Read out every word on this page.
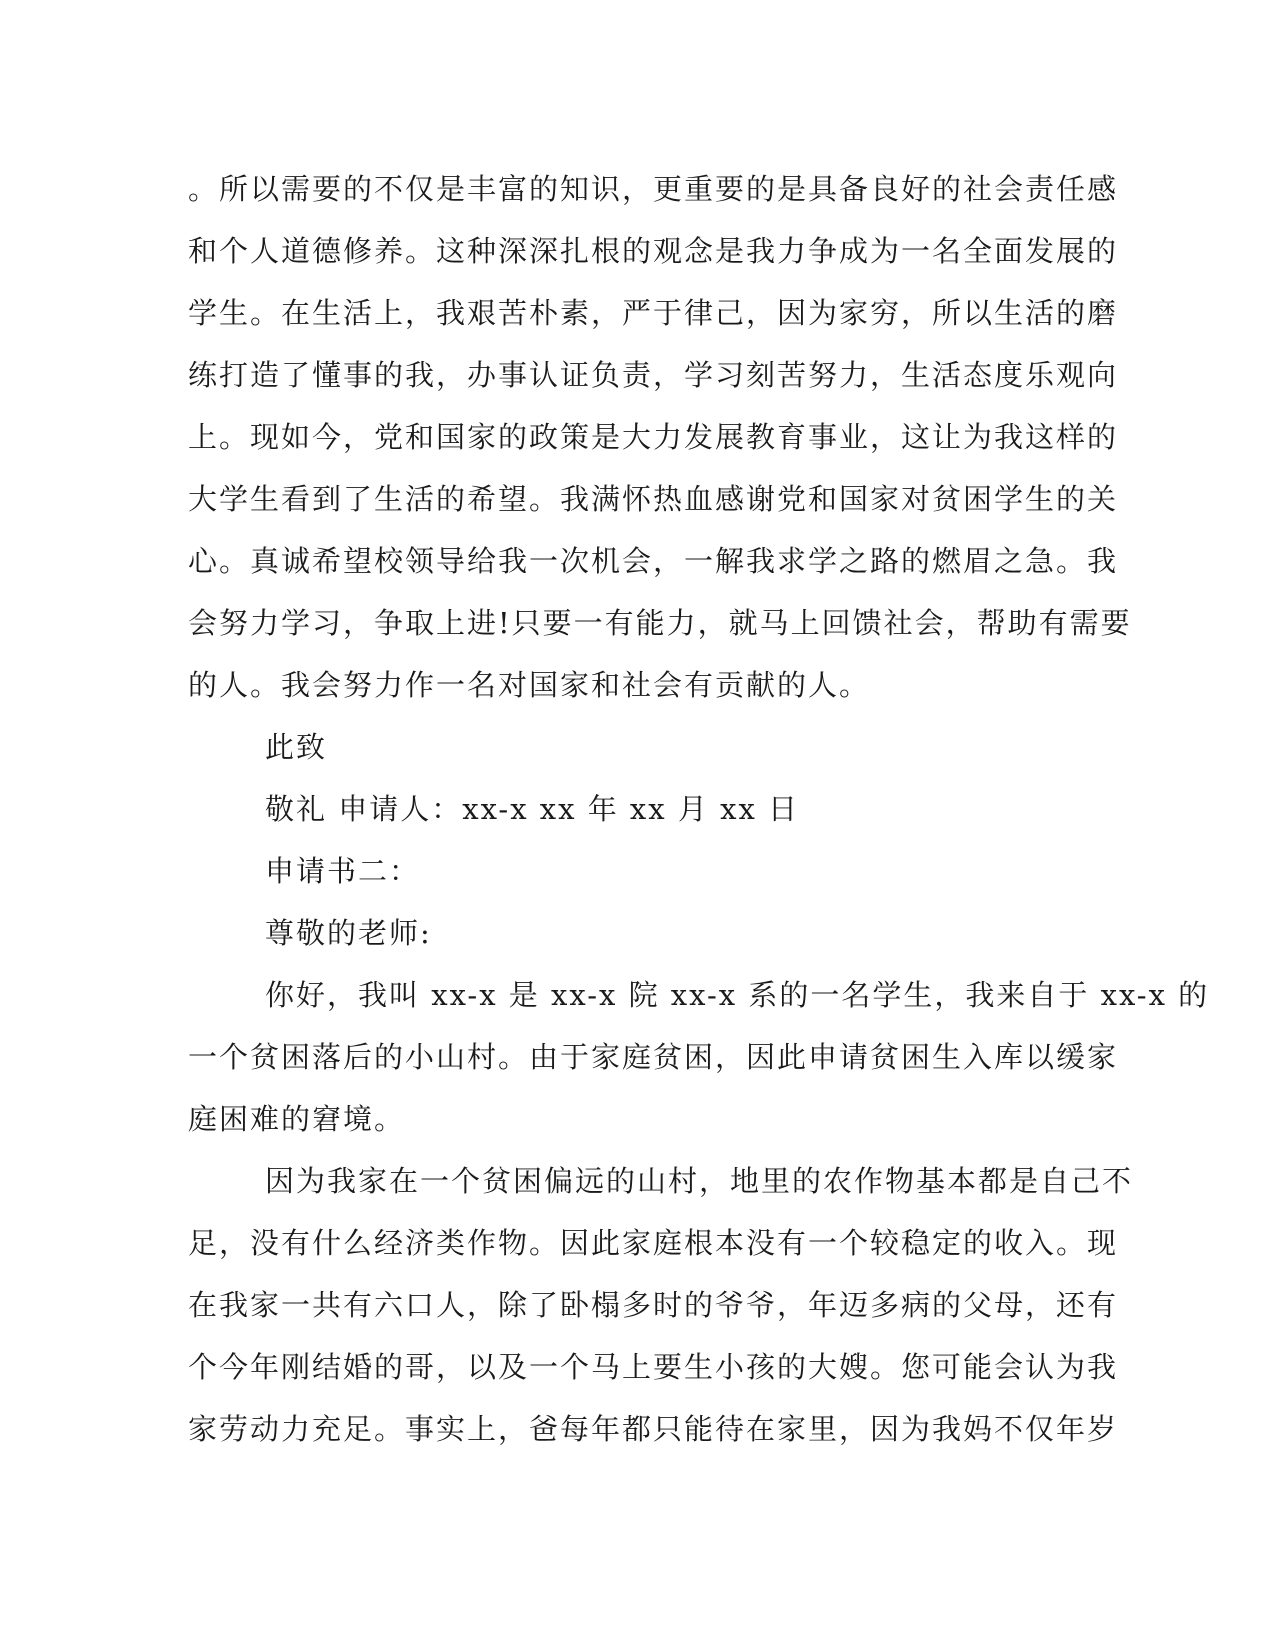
。所以需要的不仅是丰富的知识，更重要的是具备良好的社会责任感
和个人道德修养。这种深深扎根的观念是我力争成为一名全面发展的
学生。在生活上，我艰苦朴素，严于律己，因为家穷，所以生活的磨
练打造了懂事的我，办事认证负责，学习刻苦努力，生活态度乐观向
上。现如今，党和国家的政策是大力发展教育事业，这让为我这样的
大学生看到了生活的希望。我满怀热血感谢党和国家对贫困学生的关
心。真诚希望校领导给我一次机会，一解我求学之路的燃眉之急。我
会努力学习，争取上进!只要一有能力，就马上回馈社会，帮助有需要
的人。我会努力作一名对国家和社会有贡献的人。
此致
敬礼 申请人：xx-x xx 年 xx 月 xx 日
申请书二：
尊敬的老师:
你好，我叫 xx-x 是 xx-x 院 xx-x 系的一名学生，我来自于 xx-x 的
一个贫困落后的小山村。由于家庭贫困，因此申请贫困生入库以缓家
庭困难的窘境。
因为我家在一个贫困偏远的山村，地里的农作物基本都是自己不
足，没有什么经济类作物。因此家庭根本没有一个较稳定的收入。现
在我家一共有六口人，除了卧榻多时的爷爷，年迈多病的父母，还有
个今年刚结婚的哥，以及一个马上要生小孩的大嫂。您可能会认为我
家劳动力充足。事实上，爸每年都只能待在家里，因为我妈不仅年岁
